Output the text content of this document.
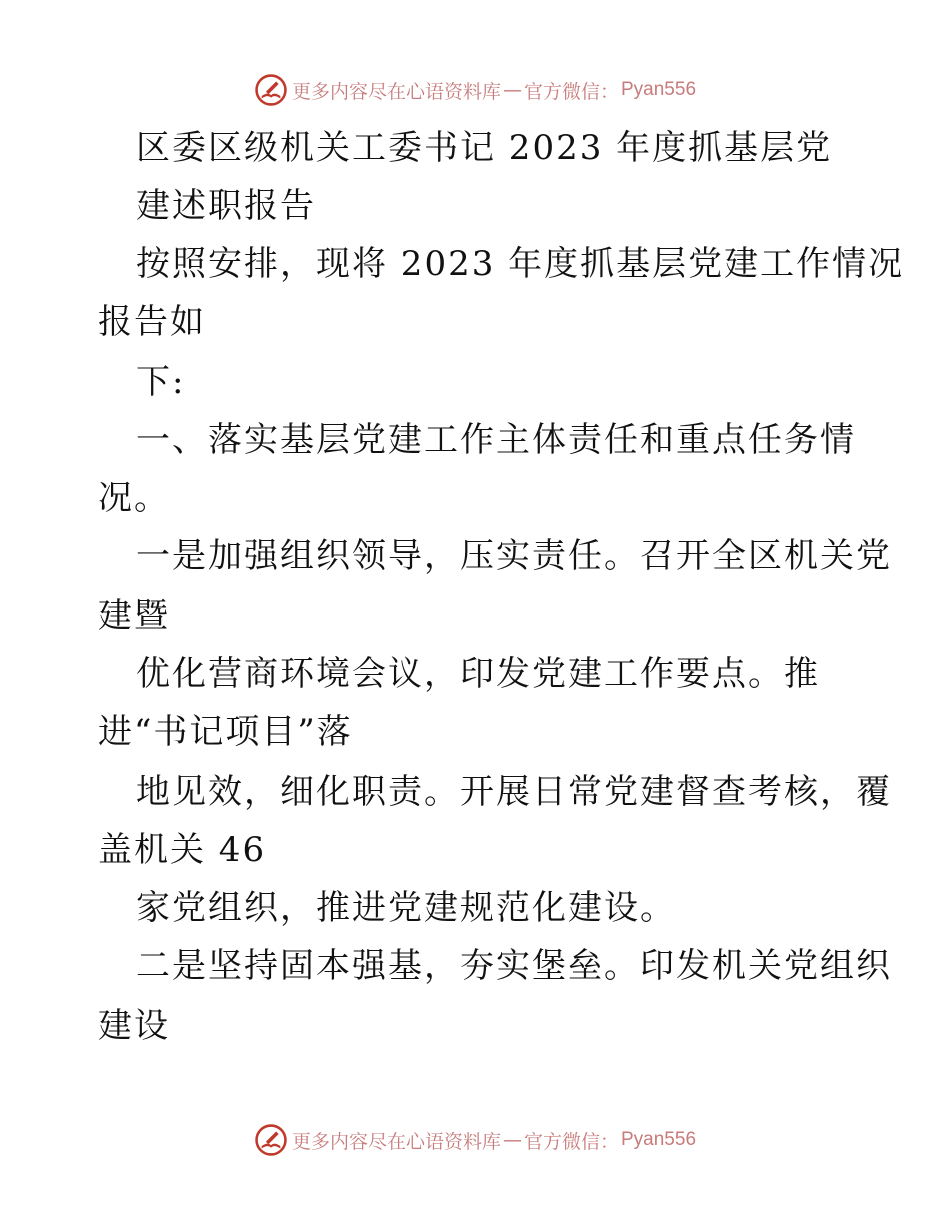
更多内容尽在心语资料库 — 官方微信： Pyan556
区委区级机关工委书记 2023 年度抓基层党
建述职报告
按照安排，现将 2023 年度抓基层党建工作情况
报告如
下:
一、落实基层党建工作主体责任和重点任务情
况。
一是加强组织领导，压实责任。召开全区机关党
建暨
优化营商环境会议，印发党建工作要点。推
进“书记项目”落
地见效，细化职责。开展日常党建督查考核，覆
盖机关 46
家党组织，推进党建规范化建设。
二是坚持固本强基，夯实堡垒。印发机关党组织
建设
更多内容尽在心语资料库 — 官方微信： Pyan556
